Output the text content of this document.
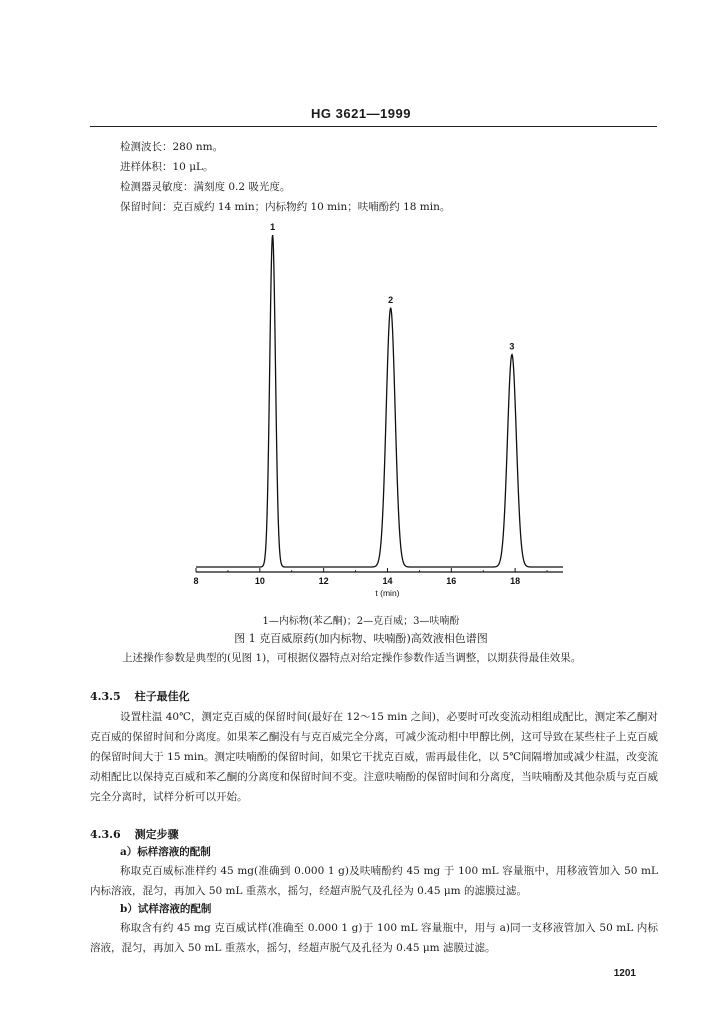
HG 3621—1999
检测波长：280 nm。
进样体积：10 μL。
检测器灵敏度：满刻度 0.2 吸光度。
保留时间：克百威约 14 min；内标物约 10 min；呋喃酚约 18 min。
8	10	12	14	16	18
t (min)
1
2
3
1—内标物(苯乙酮)；2—克百威；3—呋喃酚
图 1 克百威原药(加内标物、呋喃酚)高效液相色谱图
上述操作参数是典型的(见图 1)，可根据仪器特点对给定操作参数作适当调整，以期获得最佳效果。
4.3.5 柱子最佳化
设置柱温 40℃，测定克百威的保留时间(最好在 12～15 min 之间)，必要时可改变流动相组成配比，测定苯乙酮对克百威的保留时间和分离度。如果苯乙酮没有与克百威完全分离，可减少流动相中甲醇比例，这可导致在某些柱子上克百威的保留时间大于 15 min。测定呋喃酚的保留时间，如果它干扰克百威，需再最佳化，以 5℃间隔增加或减少柱温，改变流动相配比以保持克百威和苯乙酮的分离度和保留时间不变。注意呋喃酚的保留时间和分离度，当呋喃酚及其他杂质与克百威完全分离时，试样分析可以开始。
4.3.6 测定步骤
a）标样溶液的配制
称取克百威标准样约 45 mg(准确到 0.000 1 g)及呋喃酚约 45 mg 于 100 mL 容量瓶中，用移液管加入 50 mL 内标溶液，混匀，再加入 50 mL 重蒸水，摇匀，经超声脱气及孔径为 0.45 μm 的滤膜过滤。
b）试样溶液的配制
称取含有约 45 mg 克百威试样(准确至 0.000 1 g)于 100 mL 容量瓶中，用与 a)同一支移液管加入 50 mL 内标溶液，混匀，再加入 50 mL 重蒸水，摇匀，经超声脱气及孔径为 0.45 μm 滤膜过滤。
1201
